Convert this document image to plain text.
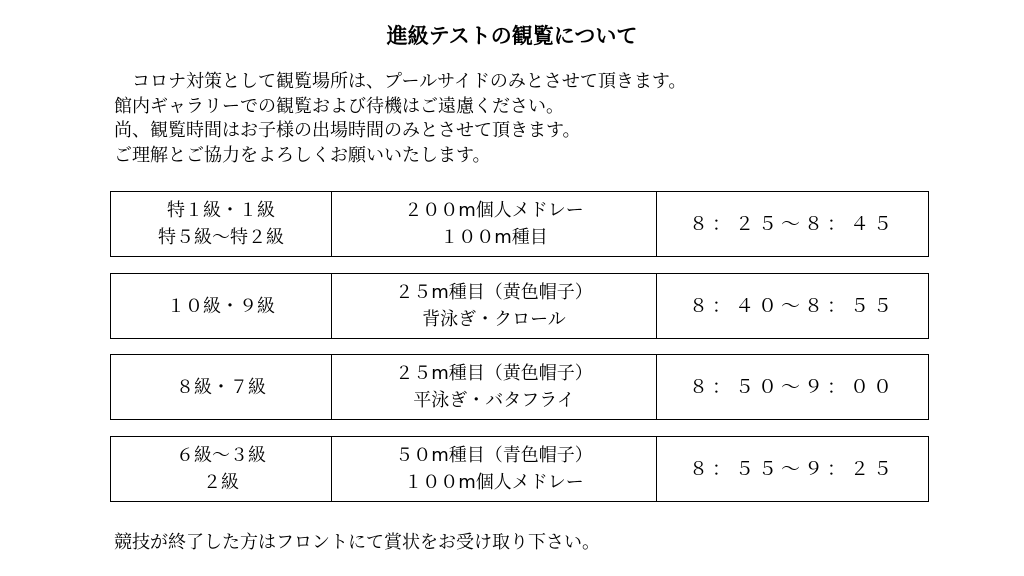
進級テストの観覧について

コロナ対策として観覧場所は、プールサイドのみとさせて頂きます。

館内ギャラリーでの観覧および待機はご遠慮ください。

尚、観覧時間はお子様の出場時間のみとさせて頂きます。

ご理解とご協力をよろしくお願いいたします。

特１級・１級
特５級～特２級
２００m個人メドレー
１００m種目
８：２５～８：４５
１０級・９級
２５m種目（黄色帽子）
背泳ぎ・クロール
８：４０～８：５５
８級・７級
２５m種目（黄色帽子）
平泳ぎ・バタフライ
８：５０～９：００
６級～３級
２級
５０m種目（青色帽子）
１００m個人メドレー
８：５５～９：２５
競技が終了した方はフロントにて賞状をお受け取り下さい。
